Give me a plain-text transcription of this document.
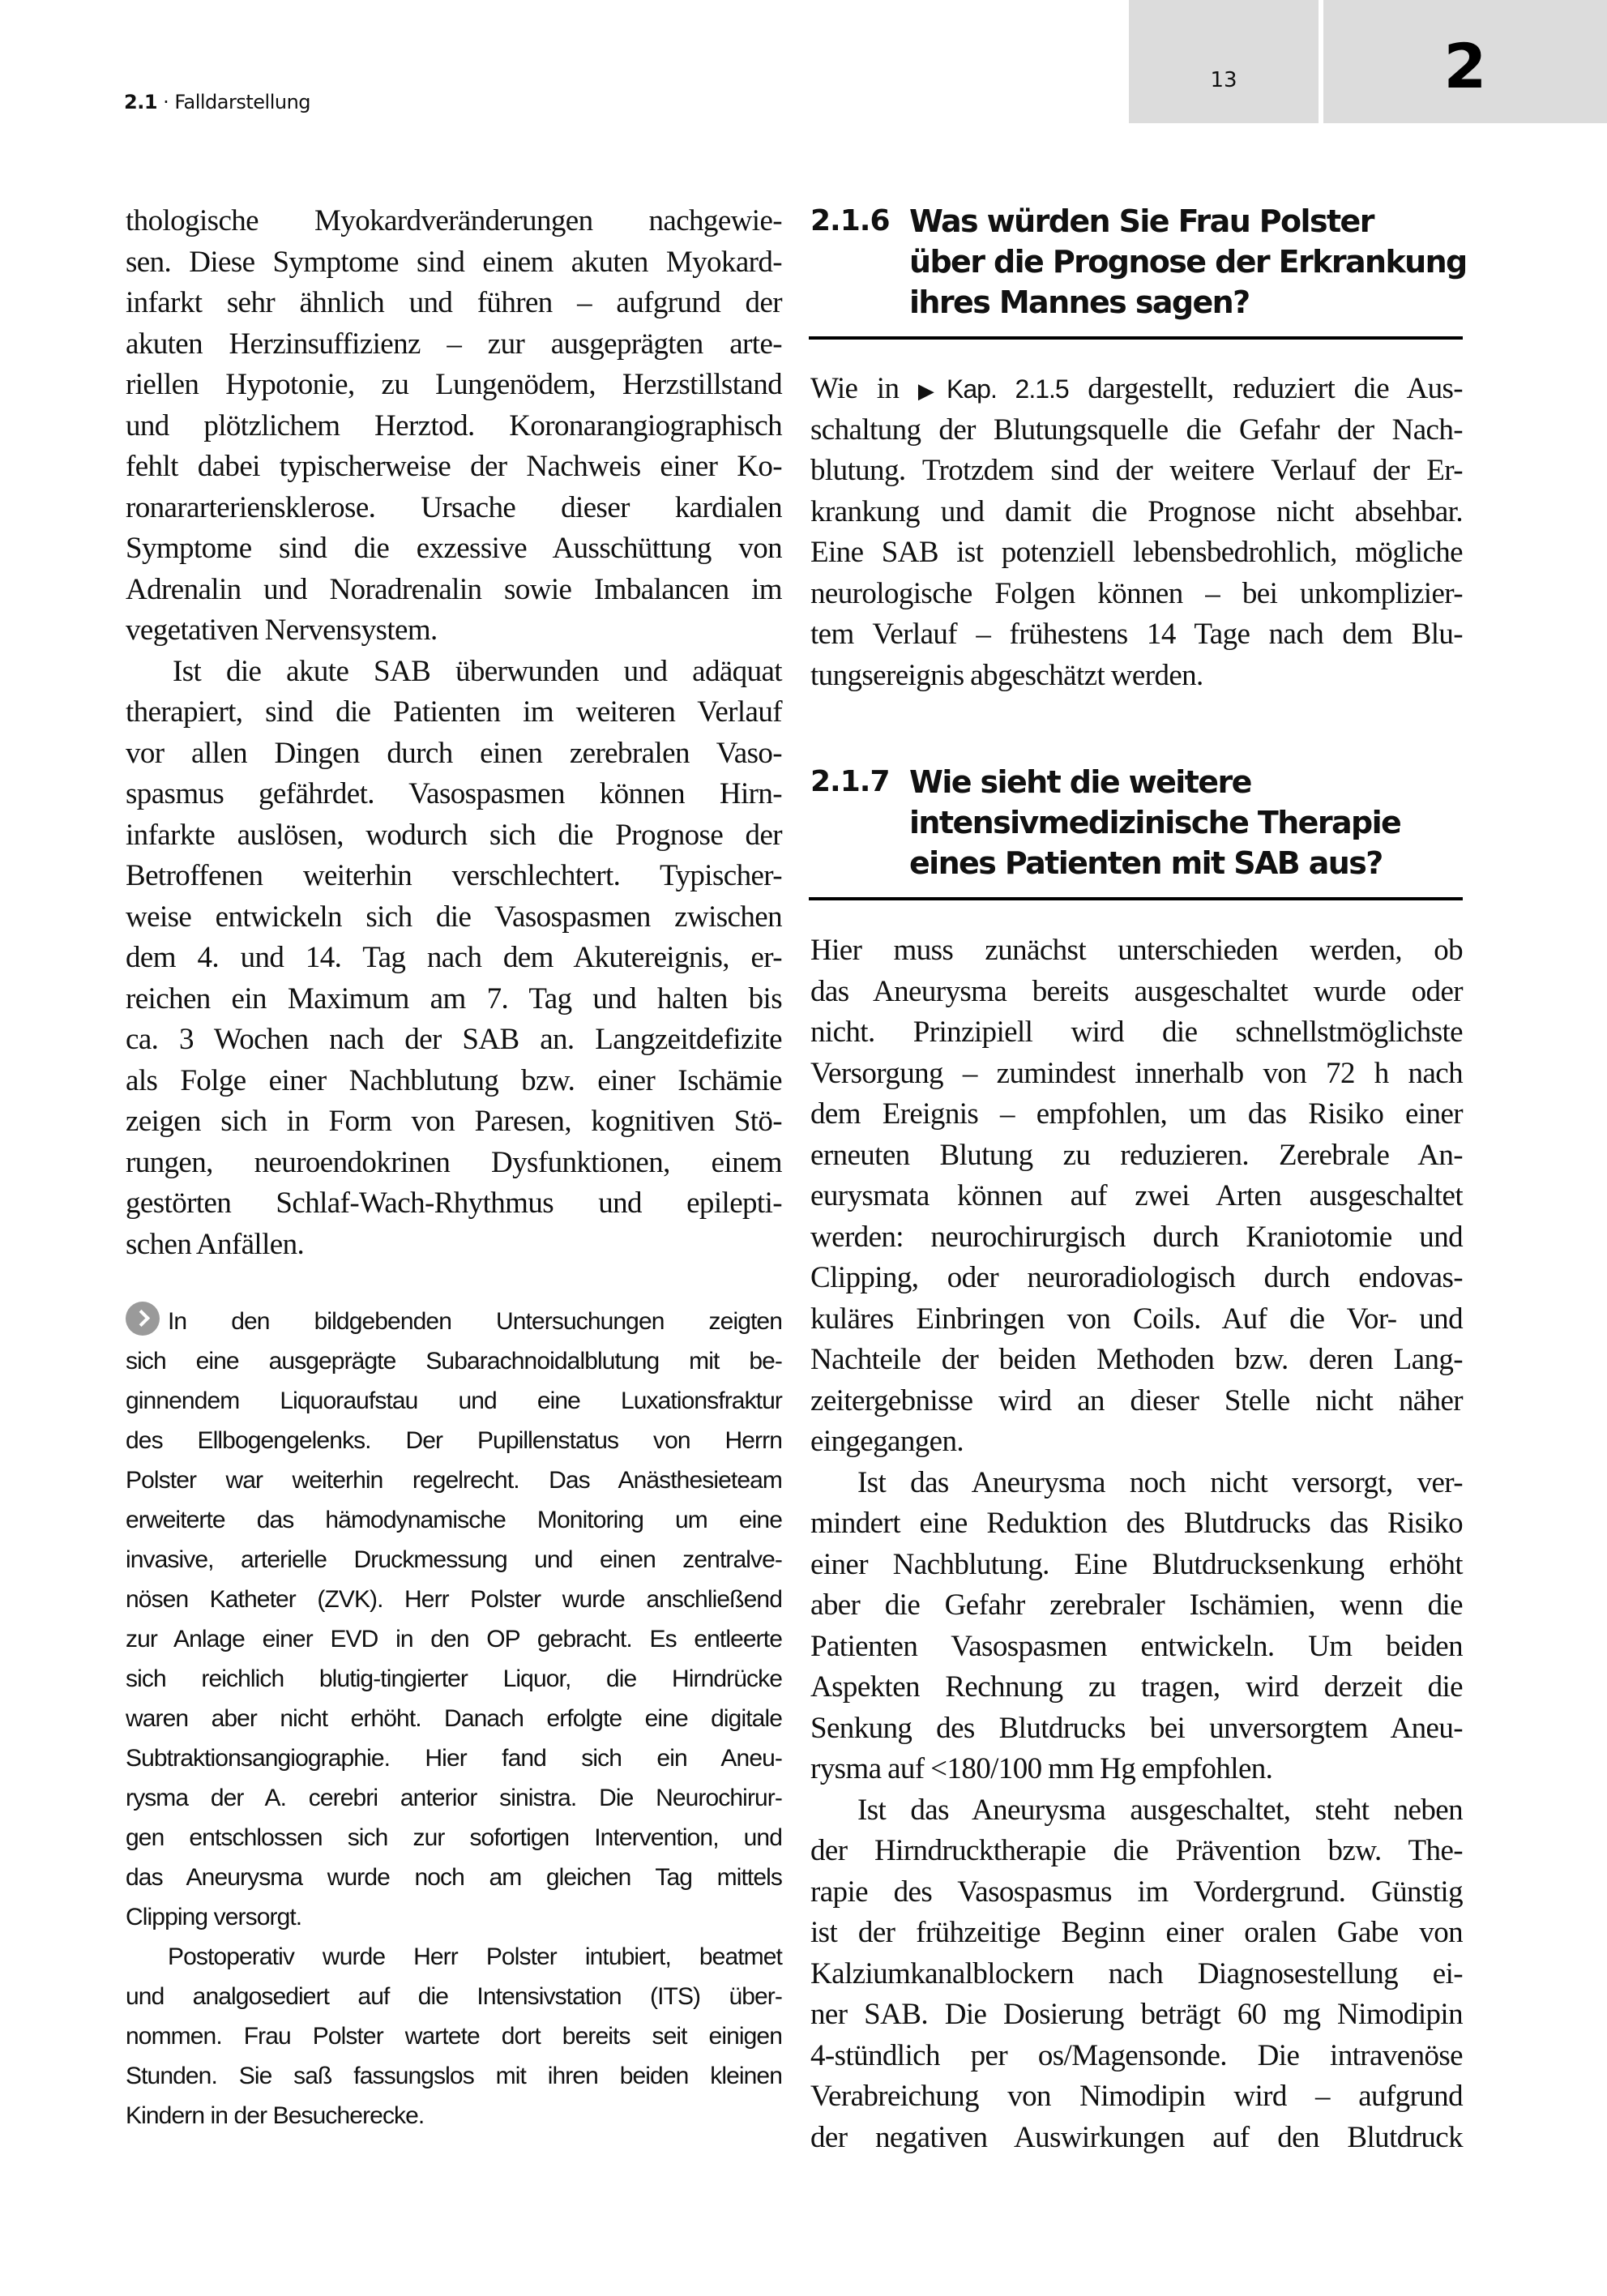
2.1 · Falldarstellung
13	2
thologische Myokardveränderungen nachgewie-
sen. Diese Symptome sind einem akuten Myokard-
infarkt sehr ähnlich und führen – aufgrund der
akuten Herzinsuffizienz – zur ausgeprägten arte-
riellen Hypotonie, zu Lungenödem, Herzstillstand
und plötzlichem Herztod. Koronarangiographisch
fehlt dabei typischerweise der Nachweis einer Ko-
ronararteriensklerose. Ursache dieser kardialen
Symptome sind die exzessive Ausschüttung von
Adrenalin und Noradrenalin sowie Imbalancen im
vegetativen Nervensystem.
Ist die akute SAB überwunden und adäquat
therapiert, sind die Patienten im weiteren Verlauf
vor allen Dingen durch einen zerebralen Vaso-
spasmus gefährdet. Vasospasmen können Hirn-
infarkte auslösen, wodurch sich die Prognose der
Betroffenen weiterhin verschlechtert. Typischer-
weise entwickeln sich die Vasospasmen zwischen
dem 4. und 14. Tag nach dem Akutereignis, er-
reichen ein Maximum am 7. Tag und halten bis
ca. 3 Wochen nach der SAB an. Langzeitdefizite
als Folge einer Nachblutung bzw. einer Ischämie
zeigen sich in Form von Paresen, kognitiven Stö-
rungen, neuroendokrinen Dysfunktionen, einem
gestörten Schlaf-Wach-Rhythmus und epilepti-
schen Anfällen.
In den bildgebenden Untersuchungen zeigten
sich eine ausgeprägte Subarachnoidalblutung mit be-
ginnendem Liquoraufstau und eine Luxationsfraktur
des Ellbogengelenks. Der Pupillenstatus von Herrn
Polster war weiterhin regelrecht. Das Anästhesieteam
erweiterte das hämodynamische Monitoring um eine
invasive, arterielle Druckmessung und einen zentralve-
nösen Katheter (ZVK). Herr Polster wurde anschließend
zur Anlage einer EVD in den OP gebracht. Es entleerte
sich reichlich blutig-tingierter Liquor, die Hirndrücke
waren aber nicht erhöht. Danach erfolgte eine digitale
Subtraktionsangiographie. Hier fand sich ein Aneu-
rysma der A. cerebri anterior sinistra. Die Neurochirur-
gen entschlossen sich zur sofortigen Intervention, und
das Aneurysma wurde noch am gleichen Tag mittels
Clipping versorgt.
Postoperativ wurde Herr Polster intubiert, beatmet
und analgosediert auf die Intensivstation (ITS) über-
nommen. Frau Polster wartete dort bereits seit einigen
Stunden. Sie saß fassungslos mit ihren beiden kleinen
Kindern in der Besucherecke.
2.1.6 Was würden Sie Frau Polster
über die Prognose der Erkrankung
ihres Mannes sagen?
Wie in ▶Kap. 2.1.5 dargestellt, reduziert die Aus-
schaltung der Blutungsquelle die Gefahr der Nach-
blutung. Trotzdem sind der weitere Verlauf der Er-
krankung und damit die Prognose nicht absehbar.
Eine SAB ist potenziell lebensbedrohlich, mögliche
neurologische Folgen können – bei unkomplizier-
tem Verlauf – frühestens 14 Tage nach dem Blu-
tungsereignis abgeschätzt werden.
2.1.7 Wie sieht die weitere
intensivmedizinische Therapie
eines Patienten mit SAB aus?
Hier muss zunächst unterschieden werden, ob
das Aneurysma bereits ausgeschaltet wurde oder
nicht. Prinzipiell wird die schnellstmöglichste
Versorgung – zumindest innerhalb von 72 h nach
dem Ereignis – empfohlen, um das Risiko einer
erneuten Blutung zu reduzieren. Zerebrale An-
eurysmata können auf zwei Arten ausgeschaltet
werden: neurochirurgisch durch Kraniotomie und
Clipping, oder neuroradiologisch durch endovas-
kuläres Einbringen von Coils. Auf die Vor- und
Nachteile der beiden Methoden bzw. deren Lang-
zeitergebnisse wird an dieser Stelle nicht näher
eingegangen.
Ist das Aneurysma noch nicht versorgt, ver-
mindert eine Reduktion des Blutdrucks das Risiko
einer Nachblutung. Eine Blutdrucksenkung erhöht
aber die Gefahr zerebraler Ischämien, wenn die
Patienten Vasospasmen entwickeln. Um beiden
Aspekten Rechnung zu tragen, wird derzeit die
Senkung des Blutdrucks bei unversorgtem Aneu-
rysma auf <180/100 mm Hg empfohlen.
Ist das Aneurysma ausgeschaltet, steht neben
der Hirndrucktherapie die Prävention bzw. The-
rapie des Vasospasmus im Vordergrund. Günstig
ist der frühzeitige Beginn einer oralen Gabe von
Kalziumkanalblockern nach Diagnosestellung ei-
ner SAB. Die Dosierung beträgt 60 mg Nimodipin
4-stündlich per os/Magensonde. Die intravenöse
Verabreichung von Nimodipin wird – aufgrund
der negativen Auswirkungen auf den Blutdruck
